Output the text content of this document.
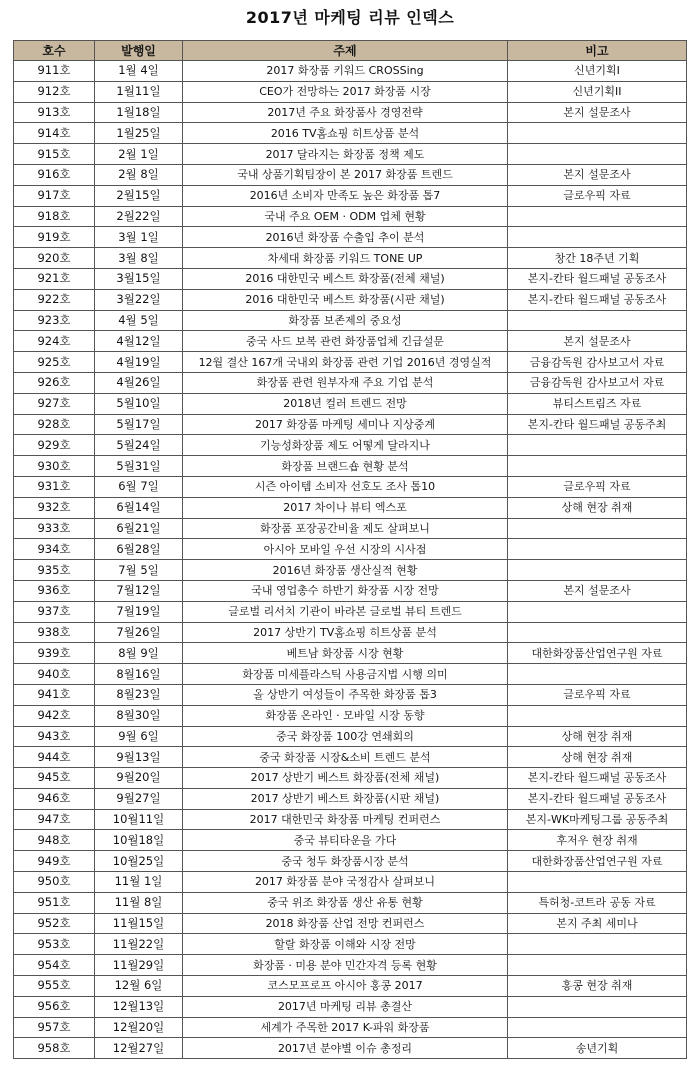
2017년 마케팅 리뷰 인덱스
호수	발행일	주제	비고
911호	1월 4일	2017 화장품 키워드 CROSSing	신년기획I
912호	1월11일	CEO가 전망하는 2017 화장품 시장	신년기획II
913호	1월18일	2017년 주요 화장품사 경영전략	본지 설문조사
914호	1월25일	2016 TV홈쇼핑 히트상품 분석	
915호	2월 1일	2017 달라지는 화장품 정책 제도	
916호	2월 8일	국내 상품기획팀장이 본 2017 화장품 트렌드	본지 설문조사
917호	2월15일	2016년 소비자 만족도 높은 화장품 톱7	글로우픽 자료
918호	2월22일	국내 주요 OEM · ODM 업체 현황	
919호	3월 1일	2016년 화장품 수출입 추이 분석	
920호	3월 8일	차세대 화장품 키워드 TONE UP	창간 18주년 기획
921호	3월15일	2016 대한민국 베스트 화장품(전체 채널)	본지-칸타 월드패널 공동조사
922호	3월22일	2016 대한민국 베스트 화장품(시판 채널)	본지-칸타 월드패널 공동조사
923호	4월 5일	화장품 보존제의 중요성	
924호	4월12일	중국 사드 보복 관련 화장품업체 긴급설문	본지 설문조사
925호	4월19일	12월 결산 167개 국내외 화장품 관련 기업 2016년 경영실적	금융감독원 감사보고서 자료
926호	4월26일	화장품 관련 원부자재 주요 기업 분석	금융감독원 감사보고서 자료
927호	5월10일	2018년 컬러 트렌드 전망	뷰티스트림즈 자료
928호	5월17일	2017 화장품 마케팅 세미나 지상중계	본지-칸타 월드패널 공동주최
929호	5월24일	기능성화장품 제도 어떻게 달라지나	
930호	5월31일	화장품 브랜드숍 현황 분석	
931호	6월 7일	시즌 아이템 소비자 선호도 조사 톱10	글로우픽 자료
932호	6월14일	2017 차이나 뷰티 엑스포	상해 현장 취재
933호	6월21일	화장품 포장공간비율 제도 살펴보니	
934호	6월28일	아시아 모바일 우선 시장의 시사점	
935호	7월 5일	2016년 화장품 생산실적 현황	
936호	7월12일	국내 영업총수 하반기 화장품 시장 전망	본지 설문조사
937호	7월19일	글로벌 리서치 기관이 바라본 글로벌 뷰티 트렌드	
938호	7월26일	2017 상반기 TV홈쇼핑 히트상품 분석	
939호	8월 9일	베트남 화장품 시장 현황	대한화장품산업연구원 자료
940호	8월16일	화장품 미세플라스틱 사용금지법 시행 의미	
941호	8월23일	올 상반기 여성들이 주목한 화장품 톱3	글로우픽 자료
942호	8월30일	화장품 온라인 · 모바일 시장 동향	
943호	9월 6일	중국 화장품 100강 연쇄회의	상해 현장 취재
944호	9월13일	중국 화장품 시장&소비 트렌드 분석	상해 현장 취재
945호	9월20일	2017 상반기 베스트 화장품(전체 채널)	본지-칸타 월드패널 공동조사
946호	9월27일	2017 상반기 베스트 화장품(시판 채널)	본지-칸타 월드패널 공동조사
947호	10월11일	2017 대한민국 화장품 마케팅 컨퍼런스	본지-WK마케팅그룹 공동주최
948호	10월18일	중국 뷰티타운을 가다	후저우 현장 취재
949호	10월25일	중국 청두 화장품시장 분석	대한화장품산업연구원 자료
950호	11월 1일	2017 화장품 분야 국정감사 살펴보니	
951호	11월 8일	중국 위조 화장품 생산 유통 현황	특허청-코트라 공동 자료
952호	11월15일	2018 화장품 산업 전망 컨퍼런스	본지 주최 세미나
953호	11월22일	할랄 화장품 이해와 시장 전망	
954호	11월29일	화장품 · 미용 분야 민간자격 등록 현황	
955호	12월 6일	코스모프로프 아시아 홍콩 2017	홍콩 현장 취재
956호	12월13일	2017년 마케팅 리뷰 총결산	
957호	12월20일	세계가 주목한 2017 K-파워 화장품	
958호	12월27일	2017년 분야별 이슈 총정리	송년기획
